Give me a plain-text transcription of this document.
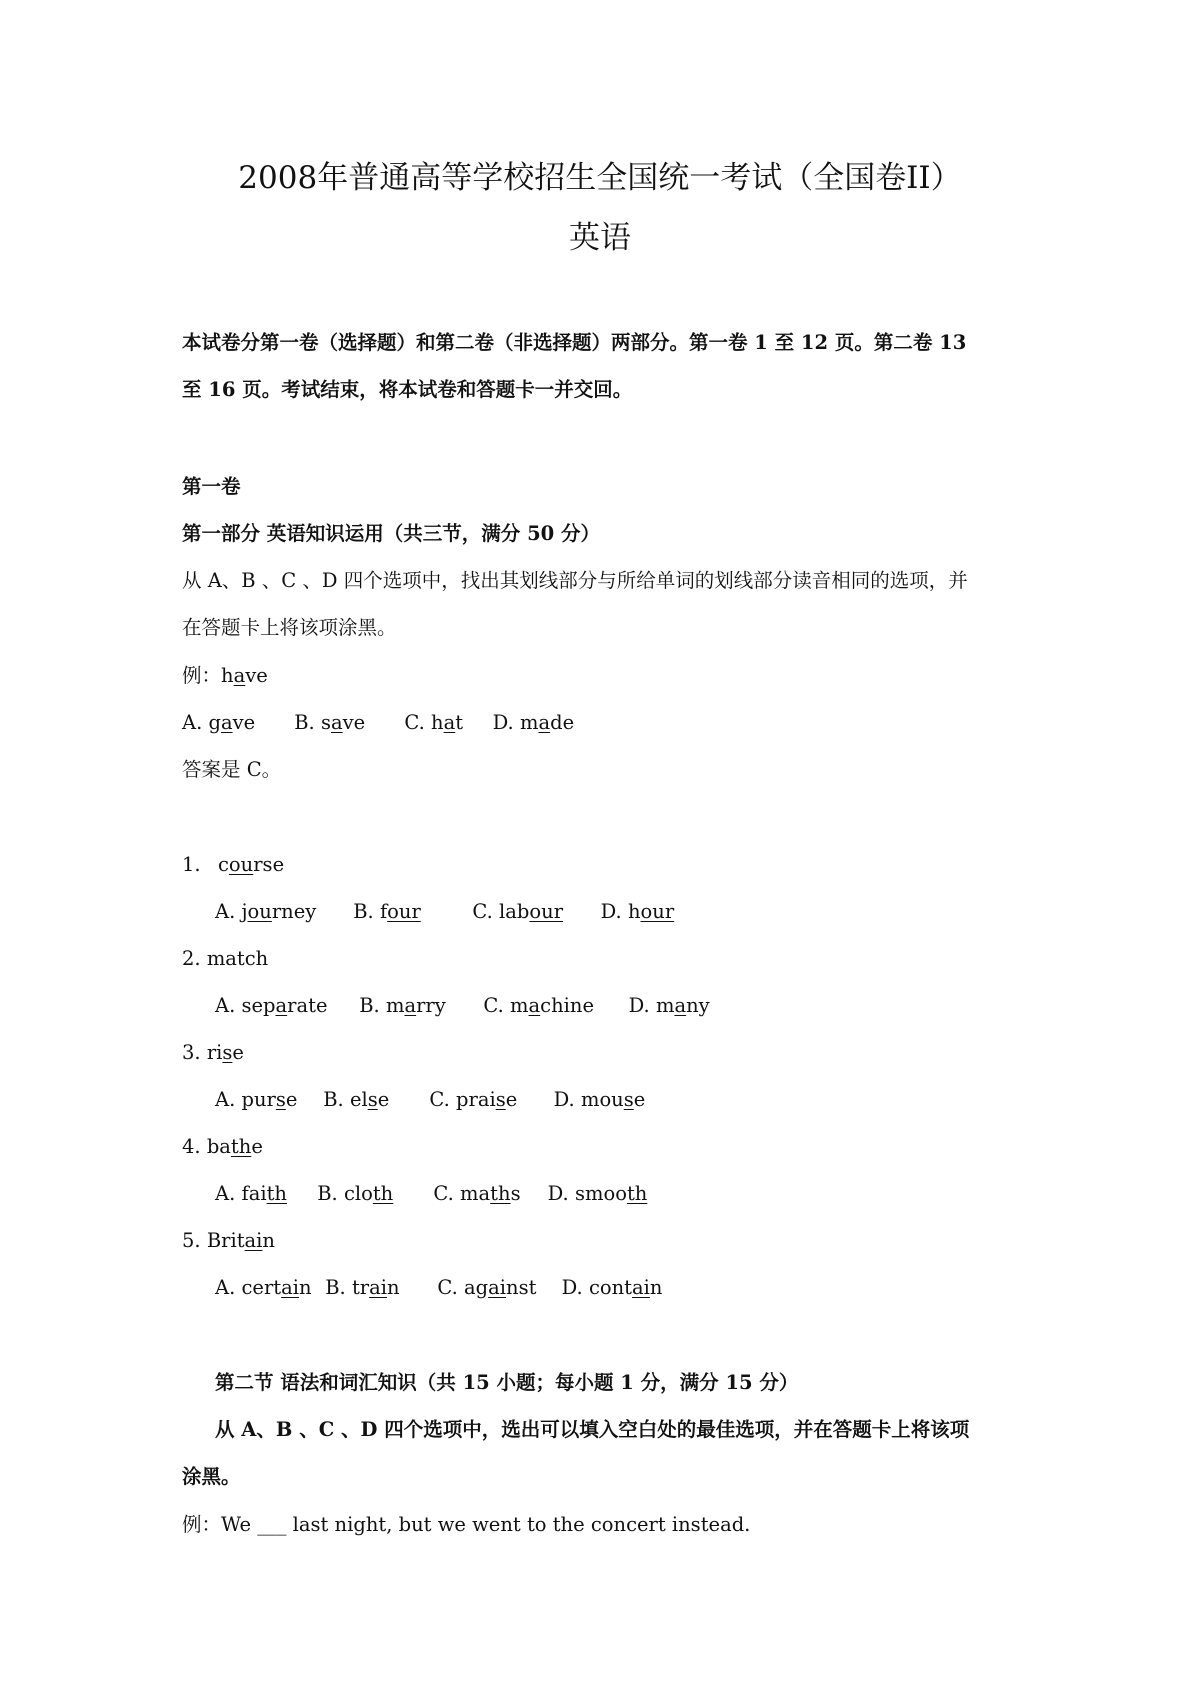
2008年普通高等学校招生全国统一考试（全国卷II）
英语
本试卷分第一卷（选择题）和第二卷（非选择题）两部分。第一卷 1 至 12 页。第二卷 13
至 16 页。考试结束，将本试卷和答题卡一并交回。
第一卷
第一部分 英语知识运用（共三节，满分 50 分）
从 A、B 、C 、D 四个选项中，找出其划线部分与所给单词的划线部分读音相同的选项，并
在答题卡上将该项涂黑。
例：have
A. gave B. save C. hat D. made
答案是 C。
1. course
A. journey B. four	C. labour D. hour
2. match
A. separate B. marry C. machine D. many
3. rise
A. purse B. else C. praise D. mouse
4. bathe
A. faith B. cloth C. maths D. smooth
5. Britain
A. certain B. train C. against D. contain
第二节 语法和词汇知识（共 15 小题；每小题 1 分，满分 15 分）
从 A、B 、C 、D 四个选项中，选出可以填入空白处的最佳选项，并在答题卡上将该项
涂黑。
例：We ___ last night, but we went to the concert instead.
